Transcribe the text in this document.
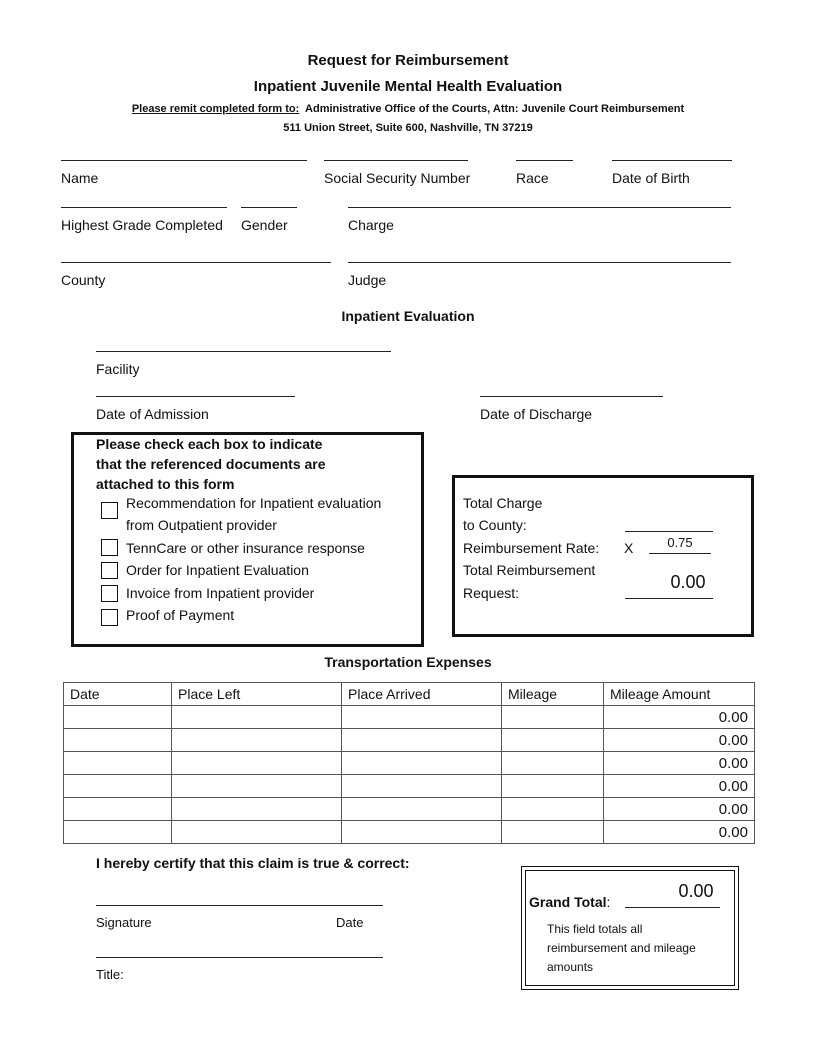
Request for Reimbursement
Inpatient Juvenile Mental Health Evaluation
Please remit completed form to: Administrative Office of the Courts, Attn: Juvenile Court Reimbursement
511 Union Street, Suite 600, Nashville, TN 37219
Name	Social Security Number	Race	Date of Birth
Highest Grade Completed Gender	Charge
County	Judge
Inpatient Evaluation
Facility
Date of Admission	Date of Discharge
Please check each box to indicate
that the referenced documents are
attached to this form
Recommendation for Inpatient evaluation
from Outpatient provider
TennCare or other insurance response
Order for Inpatient Evaluation
Invoice from Inpatient provider
Proof of Payment
Total Charge
to County:
Reimbursement Rate: X	0.75
Total Reimbursement
Request:
0.00
Transportation Expenses
Date	Place Left	Place Arrived	Mileage	Mileage Amount
				0.00
				0.00
				0.00
				0.00
				0.00
				0.00
I hereby certify that this claim is true & correct:
Signature	Date
Title:
Grand Total:
0.00
This field totals all
reimbursement and mileage
amounts
